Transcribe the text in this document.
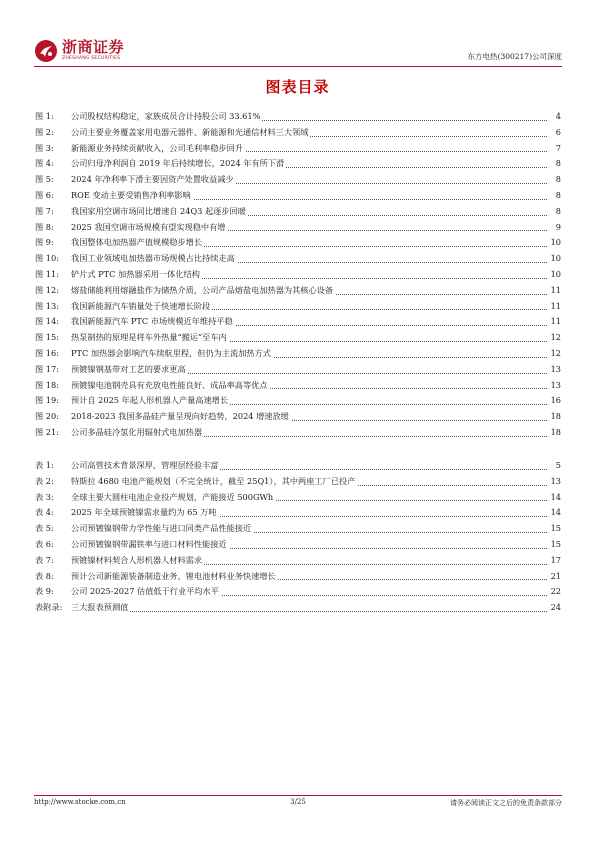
浙商证券
ZHESHANG SECURITIES	东方电热(300217)公司深度
图表目录
图 1: 公司股权结构稳定，家族成员合计持股公司 33.61%	4
图 2: 公司主要业务覆盖家用电器元器件、新能源和光通信材料三大领域	6
图 3: 新能源业务持续贡献收入，公司毛利率稳步回升	7
图 4: 公司归母净利润自 2019 年后持续增长，2024 年有所下滑	8
图 5: 2024 年净利率下滑主要因资产处置收益减少	8
图 6: ROE 变动主要受销售净利率影响	8
图 7: 我国家用空调市场同比增速自 24Q3 起逐步回暖	8
图 8: 2025 我国空调市场规模有望实现稳中有增	9
图 9: 我国整体电加热器产值规模稳步增长	10
图 10: 我国工业领域电加热器市场规模占比持续走高	10
图 11: 铲片式 PTC 加热器采用一体化结构	10
图 12: 熔盐储能利用熔融盐作为储热介质，公司产品熔盐电加热器为其核心设备	11
图 13: 我国新能源汽车销量处于快速增长阶段	11
图 14: 我国新能源汽车 PTC 市场规模近年维持平稳	11
图 15: 热泵制热的原理是将车外热量“搬运”至车内	12
图 16: PTC 加热器会影响汽车续航里程，但仍为主流加热方式	12
图 17: 预镀镍钢基带对工艺的要求更高	13
图 18: 预镀镍电池钢壳具有充放电性能良好、成品率高等优点	13
图 19: 预计自 2025 年起人形机器人产量高速增长	16
图 20: 2018-2023 我国多晶硅产量呈现向好趋势，2024 增速放缓	18
图 21: 公司多晶硅冷氢化用辐射式电加热器	18
表 1: 公司高管技术背景深厚，管理层经验丰富	5
表 2: 特斯拉 4680 电池产能规划（不完全统计，截至 25Q1），其中两座工厂已投产	13
表 3: 全球主要大圆柱电池企业投产规划，产能接近 500GWh	14
表 4: 2025 年全球预镀镍需求量约为 65 万吨	14
表 5: 公司预镀镍钢带力学性能与进口同类产品性能接近	15
表 6: 公司预镀镍钢带漏铁率与进口材料性能接近	15
表 7: 预镀镍材料契合人形机器人材料需求	17
表 8: 预计公司新能源装备制造业务、锂电池材料业务快速增长	21
表 9: 公司 2025-2027 估值低于行业平均水平	22
表附录: 三大报表预测值	24
http://www.stocke.com.cn	3/25	请务必阅读正文之后的免责条款部分
